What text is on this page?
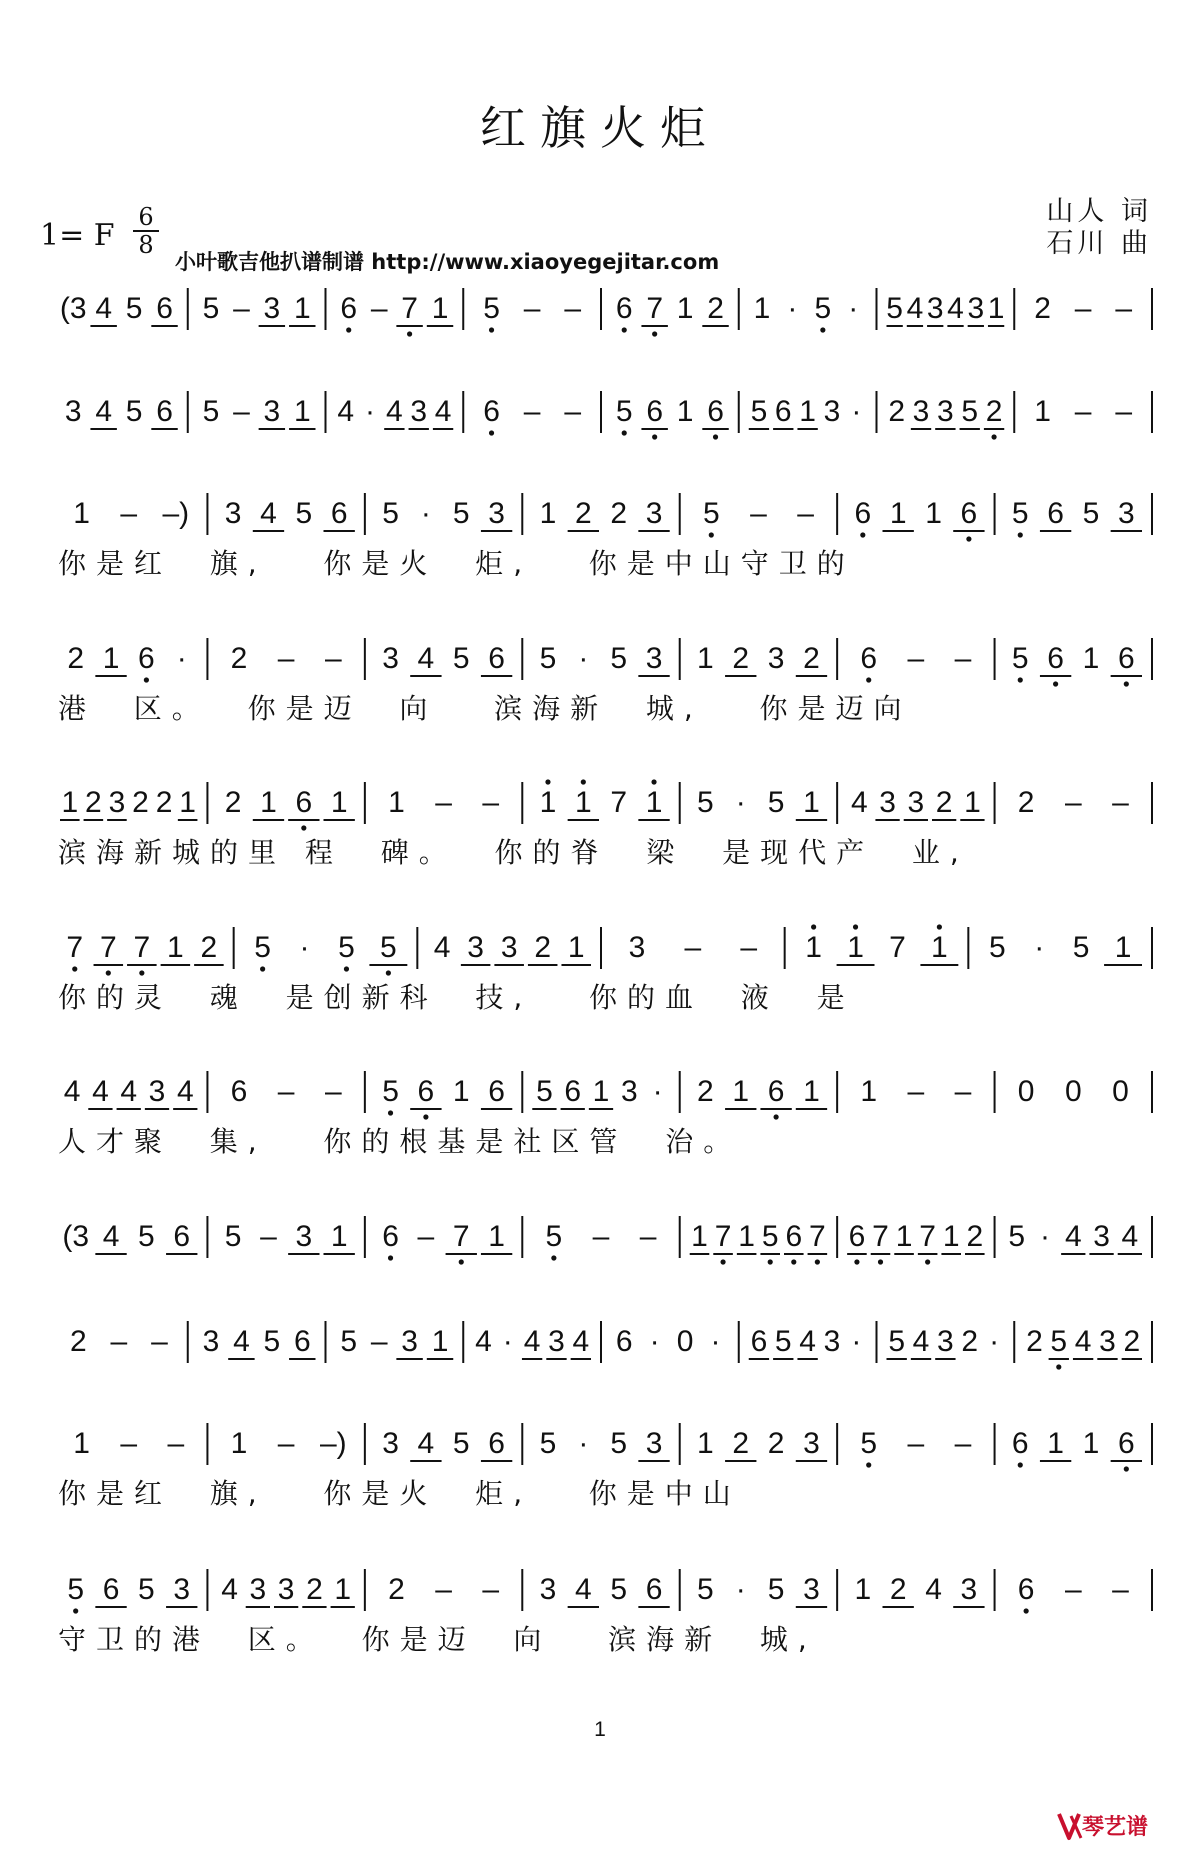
红旗火炬
1= F
6
8
小叶歌吉他扒谱制谱 http://www.xiaoyegejitar.com
山人 词
石川 曲
(3 4 5 6 5 – 3 1 6 – 7 1 5 – – 6 7 1 2 1 · 5 · 5 4 3 4 3 1 2 – –
3 4 5 6 5 – 3 1 4 · 4 3 4 6 – – 5 6 1 6 5 6 1 3 · 2 3 3 5 2 1 – –
1 – –) 3 4 5 6 5 · 5 3 1 2 2 3 5 – – 6 1 1 6 5 6 5 3
你是红  旗,   你是火  炬,   你是中山守卫的
2 1 6 · 2 – – 3 4 5 6 5 · 5 3 1 2 3 2 6 – – 5 6 1 6
港  区。  你是迈  向   滨海新  城,   你是迈向
1 2 3 2 2 1 2 1 6 1 1 – – 1 1 7 1 5 · 5 1 4 3 3 2 1 2 – –
滨海新城的里 程  碑。  你的脊  梁  是现代产  业,
7 7 7 1 2 5 · 5 5 4 3 3 2 1 3 – – 1 1 7 1 5 · 5 1
你的灵  魂  是创新科  技,   你的血  液  是
4 4 4 3 4 6 – – 5 6 1 6 5 6 1 3 · 2 1 6 1 1 – – 0 0 0
人才聚  集,   你的根基是社区管  治。
(3 4 5 6 5 – 3 1 6 – 7 1 5 – – 1 7 1 5 6 7 6 7 1 7 1 2 5 · 4 3 4
2 – – 3 4 5 6 5 – 3 1 4 · 4 3 4 6 · 0 · 6 5 4 3 · 5 4 3 2 · 2 5 4 3 2
1 – – 1 – –) 3 4 5 6 5 · 5 3 1 2 2 3 5 – – 6 1 1 6
你是红  旗,   你是火  炬,   你是中山
5 6 5 3 4 3 3 2 1 2 – – 3 4 5 6 5 · 5 3 1 2 4 3 6 – –
守卫的港  区。  你是迈  向   滨海新  城,
1
琴艺谱
